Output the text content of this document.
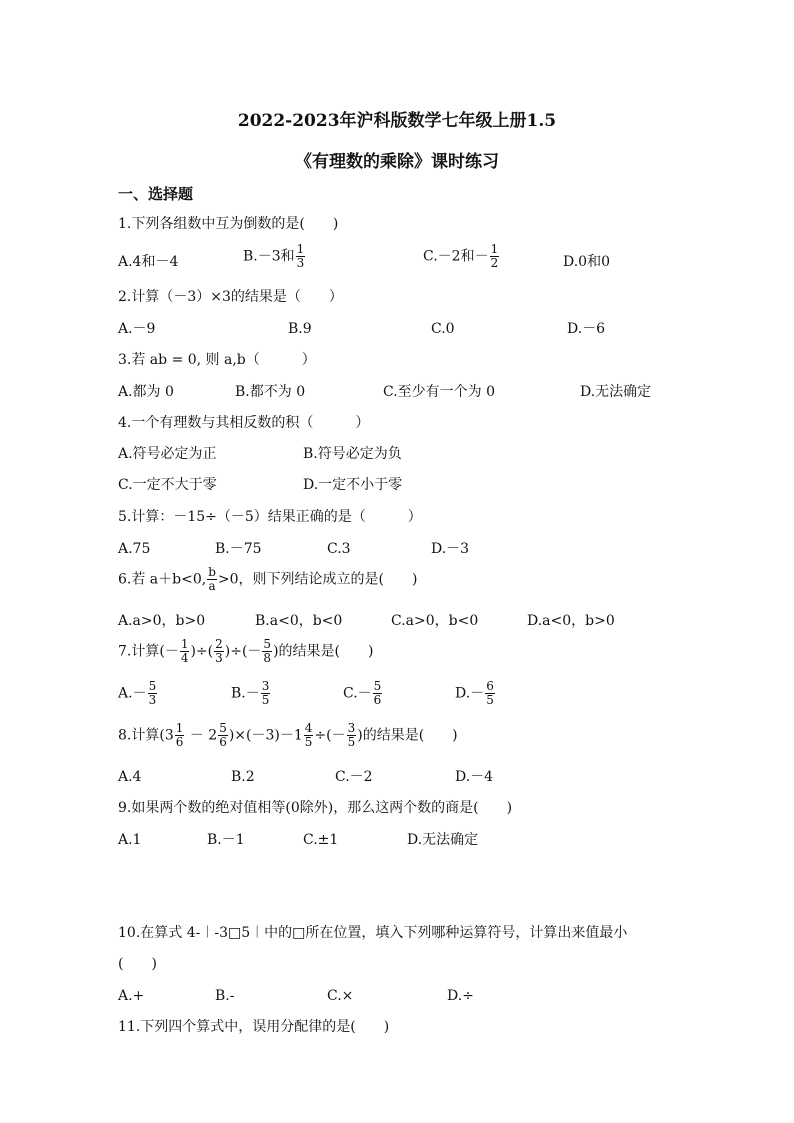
2022-2023年沪科版数学七年级上册1.5
《有理数的乘除》课时练习
一、选择题
1.下列各组数中互为倒数的是(　　)
A.4和－4	B.－3和 $\frac{1}{3}$	C.－2和－ $\frac{1}{2}$	D.0和0
2.计算（－3）×3的结果是（　　）
A.－9	B.9	C.0	D.－6
3.若 ab = 0, 则 a,b（　　　）
A.都为 0	B.都不为 0	C.至少有一个为 0	D.无法确定
4.一个有理数与其相反数的积（　　　）
A.符号必定为正	B.符号必定为负
C.一定不大于零	D.一定不小于零
5.计算：－15÷（－5）结果正确的是（　　　）
A.75	B.－75	C.3	D.－3
6.若 a＋b<0, $\frac{b}{a} >0$，则下列结论成立的是(　　)
A.a>0，b>0	B.a<0，b<0	C.a>0，b<0	D.a<0，b>0
7.计算(－ $\frac{1}{4}$ )÷( $\frac{2}{3}$ )÷(－ $\frac{5}{8}$ )的结果是(　　)
$A.- \frac{5}{3}$	$B.- \frac{3}{5}$	$C.- \frac{5}{6}$	$D.- \frac{6}{5}$
8.计算$(3 \frac{1}{6} - 2 \frac{5}{6} )\times(-3)-1 \frac{4}{5}$ ÷(－ $\frac{3}{5}$ )的结果是(　　)
A.4	B.2	C.－2	D.－4
9.如果两个数的绝对值相等(0除外)，那么这两个数的商是(　　)
A.1	B.－1	C.±1	D.无法确定
10.在算式 4-︱-3□5︱中的□所在位置，填入下列哪种运算符号，计算出来值最小
(　　)
A.+	B.-	C.×	D.÷
11.下列四个算式中，误用分配律的是(　　)
